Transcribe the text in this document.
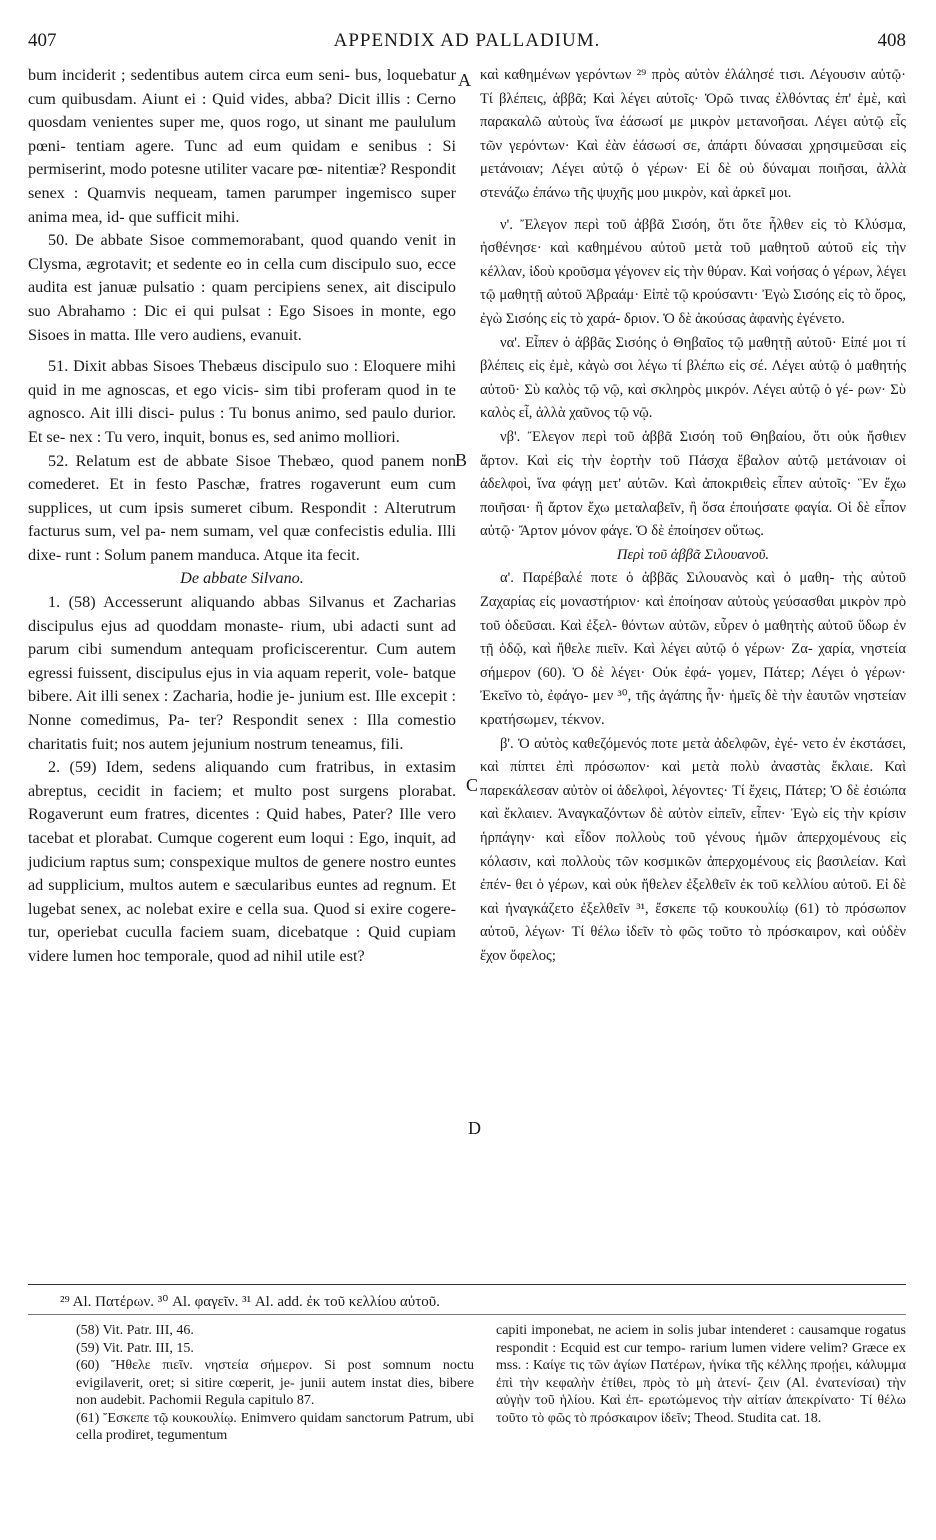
407	APPENDIX AD PALLADIUM.	408

bum inciderit ; sedentibus autem circa eum seni- bus, loquebatur cum quibusdam. Aiunt ei : Quid vides, abba? Dicit illis : Cerno quosdam venientes super me, quos rogo, ut sinant me paululum pœni- tentiam agere. Tunc ad eum quidam e senibus : Si permiserint, modo potesne utiliter vacare pœ- nitentiæ? Respondit senex : Quamvis nequeam, tamen parumper ingemisco super anima mea, id- que sufficit mihi.

50. De abbate Sisoe commemorabant, quod quando venit in Clysma, ægrotavit; et sedente eo in cella cum discipulo suo, ecce audita est januæ pulsatio : quam percipiens senex, ait discipulo suo Abrahamo : Dic ei qui pulsat : Ego Sisoes in monte, ego Sisoes in matta. Ille vero audiens, evanuit.

51. Dixit abbas Sisoes Thebæus discipulo suo : Eloquere mihi quid in me agnoscas, et ego vicis- sim tibi proferam quod in te agnosco. Ait illi disci- pulus : Tu bonus animo, sed paulo durior. Et se- nex : Tu vero, inquit, bonus es, sed animo molliori.

52. Relatum est de abbate Sisoe Thebæo, quod panem non comederet. Et in festo Paschæ, fratres rogaverunt eum cum supplices, ut cum ipsis sumeret cibum. Respondit : Alterutrum facturus sum, vel pa- nem sumam, vel quæ confecistis edulia. Illi dixe- runt : Solum panem manduca. Atque ita fecit.

De abbate Silvano.

1. (58) Accesserunt aliquando abbas Silvanus et Zacharias discipulus ejus ad quoddam monaste- rium, ubi adacti sunt ad parum cibi sumendum antequam proficiscerentur. Cum autem egressi fuissent, discipulus ejus in via aquam reperit, vole- batque bibere. Ait illi senex : Zacharia, hodie je- junium est. Ille excepit : Nonne comedimus, Pa- ter? Respondit senex : Illa comestio charitatis fuit; nos autem jejunium nostrum teneamus, fili.

2. (59) Idem, sedens aliquando cum fratribus, in extasim abreptus, cecidit in faciem; et multo post surgens plorabat. Rogaverunt eum fratres, dicentes : Quid habes, Pater? Ille vero tacebat et plorabat. Cumque cogerent eum loqui : Ego, inquit, ad judicium raptus sum; conspexique multos de genere nostro euntes ad supplicium, multos autem e sæcularibus euntes ad regnum. Et lugebat senex, ac nolebat exire e cella sua. Quod si exire cogere- tur, operiebat cucullа faciem suam, dicebatque : Quid cupiam videre lumen hoc temporale, quod ad nihil utile est?

καὶ καθημένων γερόντων ²⁹ πρὸς αὐτὸν ἐλάλησέ τισι. Λέγουσιν αὐτῷ· Τί βλέπεις, ἀββᾶ; Καὶ λέγει αὐτοῖς· Ὁρῶ τινας ἐλθόντας ἐπ' ἐμὲ, καὶ παρακαλῶ αὐτοὺς ἵνα ἐάσωσί με μικρὸν μετανοῆσαι. Λέγει αὐτῷ εἷς τῶν γερόντων· Καὶ ἐὰν ἐάσωσί σε, ἀπάρτι δύνασαι χρησιμεῦσαι εἰς μετάνοιαν; Λέγει αὐτῷ ὁ γέρων· Εἰ δὲ οὐ δύναμαι ποιῆσαι, ἀλλὰ στενάζω ἐπάνω τῆς ψυχῆς μου μικρὸν, καὶ ἀρκεῖ μοι.

ν'. Ἔλεγον περὶ τοῦ ἀββᾶ Σισόη, ὅτι ὅτε ἦλθεν εἰς τὸ Κλύσμα, ἠσθένησε· καὶ καθημένου αὐτοῦ μετὰ τοῦ μαθητοῦ αὐτοῦ εἰς τὴν κέλλαν, ἰδοὺ κροῦσμα γέγονεν εἰς τὴν θύραν. Καὶ νοήσας ὁ γέρων, λέγει τῷ μαθητῇ αὐτοῦ Ἀβραάμ· Εἰπὲ τῷ κρούσαντι· Ἐγὼ Σισόης εἰς τὸ ὄρος, ἐγὼ Σισόης εἰς τὸ χαρά- δριον. Ὁ δὲ ἀκούσας ἀφανὴς ἐγένετο.

να'. Εἶπεν ὁ ἀββᾶς Σισόης ὁ Θηβαῖος τῷ μαθητῇ αὐτοῦ· Εἰπέ μοι τί βλέπεις εἰς ἐμὲ, κἀγὼ σοι λέγω τί βλέπω εἰς σέ. Λέγει αὐτῷ ὁ μαθητής αὐτοῦ· Σὺ καλὸς τῷ νῷ, καὶ σκληρὸς μικρόν. Λέγει αὐτῷ ὁ γέ- ρων· Σὺ καλὸς εἶ, ἀλλὰ χαῦνος τῷ νῷ.

νβ'. Ἔλεγον περὶ τοῦ ἀββᾶ Σισόη τοῦ Θηβαίου, ὅτι οὐκ ἤσθιεν ἄρτον. Καὶ εἰς τὴν ἑορτὴν τοῦ Πάσχα ἔβαλον αὐτῷ μετάνοιαν οἱ ἀδελφοὶ, ἵνα φάγῃ μετ' αὐτῶν. Καὶ ἀποκριθεὶς εἶπεν αὐτοῖς· Ἓν ἔχω ποιῆσαι· ἢ ἄρτον ἔχω μεταλαβεῖν, ἢ ὅσα ἐποιήσατε φαγία. Οἱ δὲ εἶπον αὐτῷ· Ἄρτον μόνον φάγε. Ὁ δὲ ἐποίησεν οὕτως.

Περὶ τοῦ ἀββᾶ Σιλουανοῦ.

α'. Παρέβαλέ ποτε ὁ ἀββᾶς Σιλουανὸς καὶ ὁ μαθη- τὴς αὐτοῦ Ζαχαρίας εἰς μοναστήριον· καὶ ἐποίησαν αὐτοὺς γεύσασθαι μικρὸν πρὸ τοῦ ὁδεῦσαι. Καὶ ἐξελ- θόντων αὐτῶν, εὗρεν ὁ μαθητὴς αὐτοῦ ὕδωρ ἐν τῇ ὁδῷ, καὶ ἤθελε πιεῖν. Καὶ λέγει αὐτῷ ὁ γέρων· Ζα- χαρία, νηστεία σήμερον (60). Ὁ δὲ λέγει· Οὐκ ἐφά- γομεν, Πάτερ; Λέγει ὁ γέρων· Ἐκεῖνο τὸ, ἐφάγο- μεν ³⁰, τῆς ἀγάπης ἦν· ἡμεῖς δὲ τὴν ἑαυτῶν νηστείαν κρατήσωμεν, τέκνον.

β'. Ὁ αὐτὸς καθεζόμενός ποτε μετὰ ἀδελφῶν, ἐγέ- νετο ἐν ἐκστάσει, καὶ πίπτει ἐπὶ πρόσωπον· καὶ μετὰ πολὺ ἀναστὰς ἔκλαιε. Καὶ παρεκάλεσαν αὐτὸν οἱ ἀδελφοὶ, λέγοντες· Τί ἔχεις, Πάτερ; Ὁ δὲ ἐσιώπα καὶ ἔκλαιεν. Ἀναγκαζόντων δὲ αὐτὸν εἰπεῖν, εἶπεν· Ἐγὼ εἰς τὴν κρίσιν ἡρπάγην· καὶ εἶδον πολλοὺς τοῦ γένους ἡμῶν ἀπερχομένους εἰς κόλασιν, καὶ πολλοὺς τῶν κοσμικῶν ἀπερχομένους εἰς βασιλείαν. Καὶ ἐπέν- θει ὁ γέρων, καὶ οὐκ ἤθελεν ἐξελθεῖν ἐκ τοῦ κελλίου αὐτοῦ. Εἰ δὲ καὶ ἠναγκάζετο ἐξελθεῖν ³¹, ἔσκεπε τῷ κουκουλίῳ (61) τὸ πρόσωπον αὐτοῦ, λέγων· Τί θέλω ἰδεῖν τὸ φῶς τοῦτο τὸ πρόσκαιρον, καὶ οὐδὲν ἔχον ὄφελος;

A
B
C
D
²⁹ Al. Πατέρων. ³⁰ Al. φαγεῖν. ³¹ Al. add. ἐκ τοῦ κελλίου αὐτοῦ.

(58) Vit. Patr. III, 46.

(59) Vit. Patr. III, 15.

(60) Ἤθελε πιεῖν. νηστεία σήμερον. Si post somnum noctu evigilaverit, oret; si sitire cœperit, je- junii autem instat dies, bibere non audebit. Pachomii Regula capitulo 87.

(61) Ἔσκεπε τῷ κουκουλίῳ. Enimvero quidam sanctorum Patrum, ubi cella prodiret, tegumentum

capiti imponebat, ne aciem in solis jubar intenderet : causamque rogatus respondit : Ecquid est cur tempo- rarium lumen videre velim? Græce ex mss. : Καίγε τις τῶν ἁγίων Πατέρων, ἡνίκα τῆς κέλλης προῄει, κάλυμμα ἐπὶ τὴν κεφαλὴν ἐτίθει, πρὸς τὸ μὴ ἀτενί- ζειν (Al. ἐνατενίσαι) τὴν αὐγὴν τοῦ ἡλίου. Καὶ ἐπ- ερωτώμενος τὴν αἰτίαν ἀπεκρίνατο· Τί θέλω τοῦτο τὸ φῶς τὸ πρόσκαιρον ἰδεῖν; Theod. Studita cat. 18.
